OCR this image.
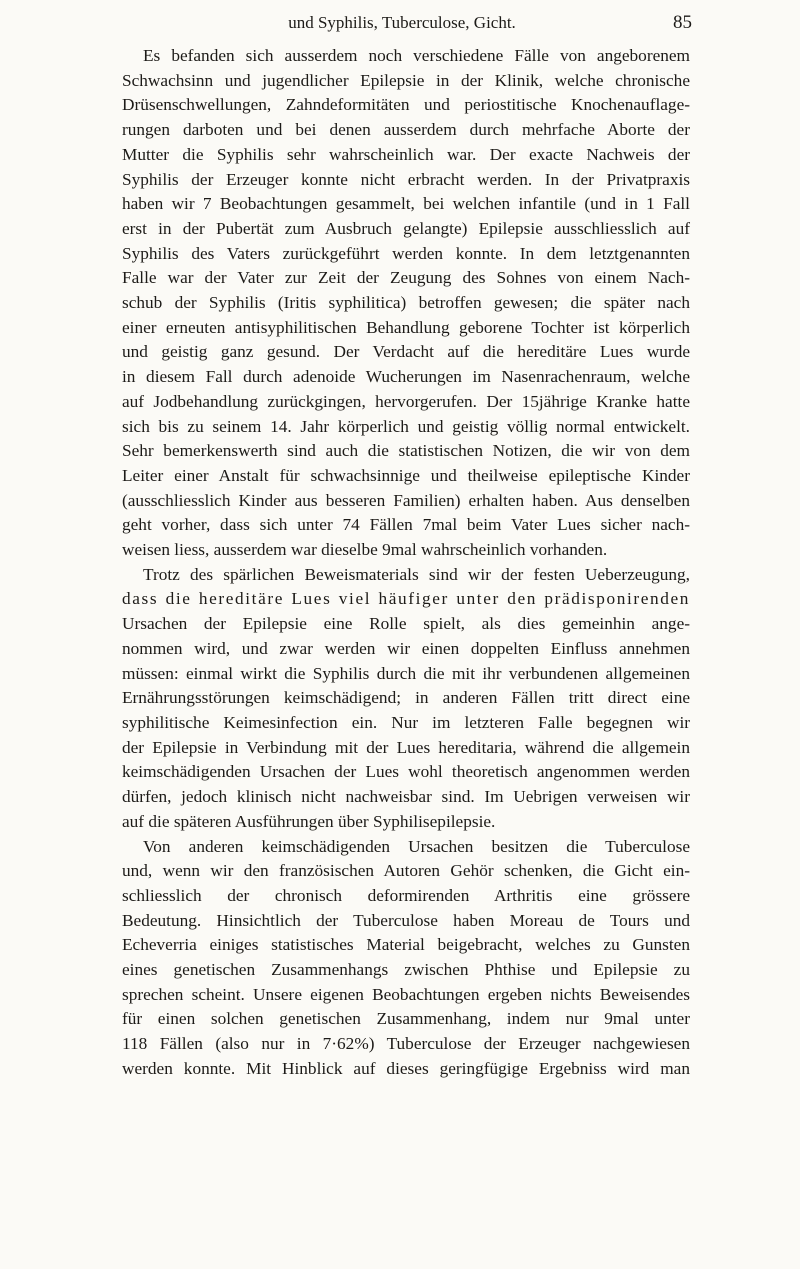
und Syphilis, Tuberculose, Gicht.	85
Es befanden sich ausserdem noch verschiedene Fälle von angeborenem
Schwachsinn und jugendlicher Epilepsie in der Klinik, welche chronische
Drüsenschwellungen, Zahndeformitäten und periostitische Knochenauflage-
rungen darboten und bei denen ausserdem durch mehrfache Aborte der
Mutter die Syphilis sehr wahrscheinlich war. Der exacte Nachweis der
Syphilis der Erzeuger konnte nicht erbracht werden. In der Privatpraxis
haben wir 7 Beobachtungen gesammelt, bei welchen infantile (und in 1 Fall
erst in der Pubertät zum Ausbruch gelangte) Epilepsie ausschliesslich auf
Syphilis des Vaters zurückgeführt werden konnte. In dem letztgenannten
Falle war der Vater zur Zeit der Zeugung des Sohnes von einem Nach-
schub der Syphilis (Iritis syphilitica) betroffen gewesen; die später nach
einer erneuten antisyphilitischen Behandlung geborene Tochter ist körperlich
und geistig ganz gesund. Der Verdacht auf die hereditäre Lues wurde
in diesem Fall durch adenoide Wucherungen im Nasenrachenraum, welche
auf Jodbehandlung zurückgingen, hervorgerufen. Der 15jährige Kranke hatte
sich bis zu seinem 14. Jahr körperlich und geistig völlig normal entwickelt.
Sehr bemerkenswerth sind auch die statistischen Notizen, die wir von dem
Leiter einer Anstalt für schwachsinnige und theilweise epileptische Kinder
(ausschliesslich Kinder aus besseren Familien) erhalten haben. Aus denselben
geht vorher, dass sich unter 74 Fällen 7mal beim Vater Lues sicher nach-
weisen liess, ausserdem war dieselbe 9mal wahrscheinlich vorhanden.
Trotz des spärlichen Beweismaterials sind wir der festen Ueberzeugung,
dass die hereditäre Lues viel häufiger unter den prädisponirenden
Ursachen der Epilepsie eine Rolle spielt, als dies gemeinhin ange-
nommen wird, und zwar werden wir einen doppelten Einfluss annehmen
müssen: einmal wirkt die Syphilis durch die mit ihr verbundenen allgemeinen
Ernährungsstörungen keimschädigend; in anderen Fällen tritt direct eine
syphilitische Keimesinfection ein. Nur im letzteren Falle begegnen wir
der Epilepsie in Verbindung mit der Lues hereditaria, während die allgemein
keimschädigenden Ursachen der Lues wohl theoretisch angenommen werden
dürfen, jedoch klinisch nicht nachweisbar sind. Im Uebrigen verweisen wir
auf die späteren Ausführungen über Syphilisepilepsie.
Von anderen keimschädigenden Ursachen besitzen die Tuberculose
und, wenn wir den französischen Autoren Gehör schenken, die Gicht ein-
schliesslich der chronisch deformirenden Arthritis eine grössere
Bedeutung. Hinsichtlich der Tuberculose haben Moreau de Tours und
Echeverria einiges statistisches Material beigebracht, welches zu Gunsten
eines genetischen Zusammenhangs zwischen Phthise und Epilepsie zu
sprechen scheint. Unsere eigenen Beobachtungen ergeben nichts Beweisendes
für einen solchen genetischen Zusammenhang, indem nur 9mal unter
118 Fällen (also nur in 7·62%) Tuberculose der Erzeuger nachgewiesen
werden konnte. Mit Hinblick auf dieses geringfügige Ergebniss wird man
